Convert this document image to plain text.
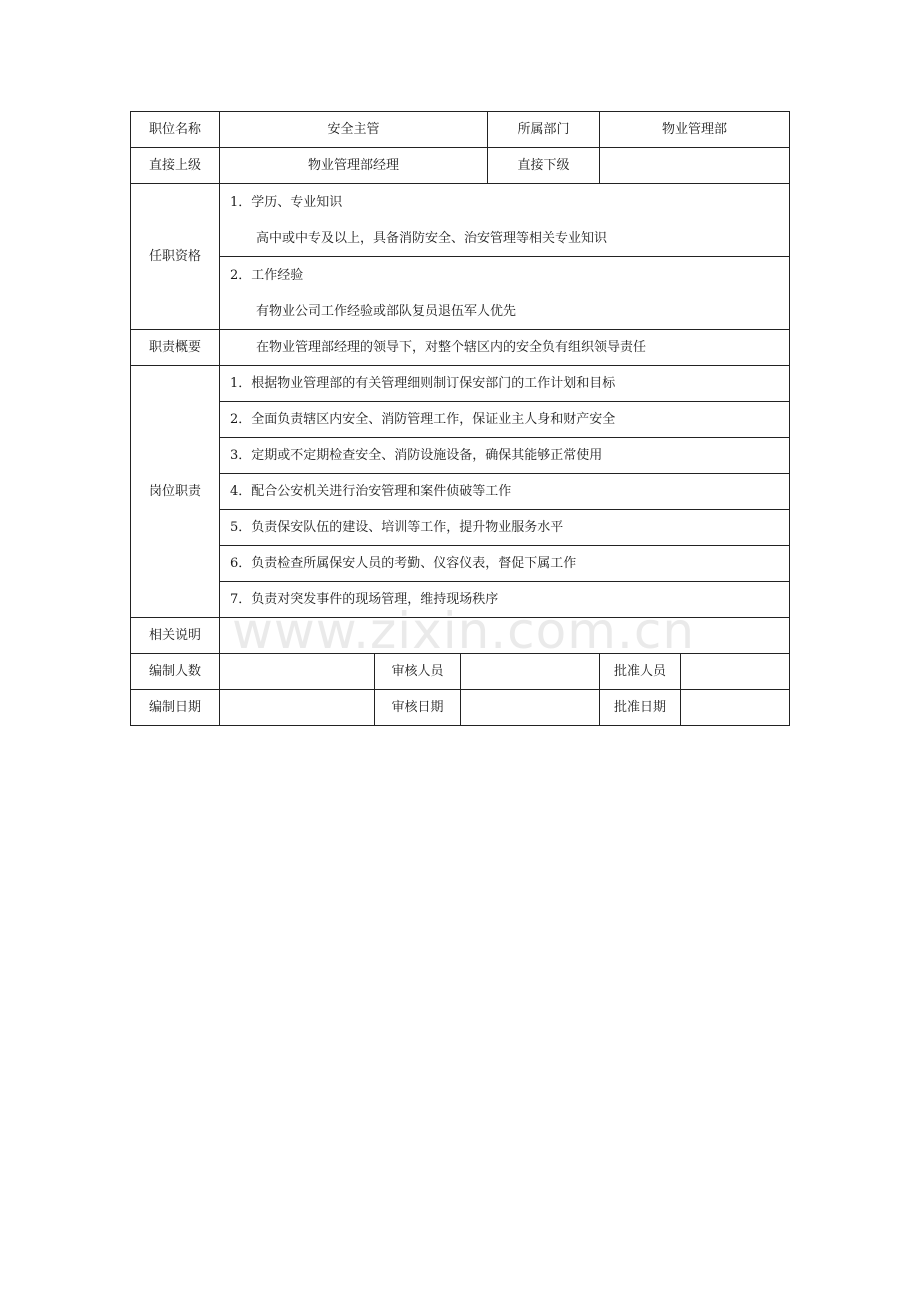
职位名称	安全主管			所属部门	物业管理部	
直接上级	物业管理部经理			直接下级		
任职资格	1．学历、专业知识
高中或中专及以上，具备消防安全、治安管理等相关专业知识
2．工作经验
有物业公司工作经验或部队复员退伍军人优先					

职责概要	在物业管理部经理的领导下，对整个辖区内的安全负有组织领导责任					
岗位职责	1．根据物业管理部的有关管理细则制订保安部门的工作计划和目标					
	2．全面负责辖区内安全、消防管理工作，保证业主人身和财产安全					
	3．定期或不定期检查安全、消防设施设备，确保其能够正常使用					
	4．配合公安机关进行治安管理和案件侦破等工作					
	5．负责保安队伍的建设、培训等工作，提升物业服务水平					
	6．负责检查所属保安人员的考勤、仪容仪表，督促下属工作					
	7．负责对突发事件的现场管理，维持现场秩序					
相关说明						
编制人数		审核人员			批准人员	
编制日期		审核日期			批准日期	
www.zixin.com.cn
